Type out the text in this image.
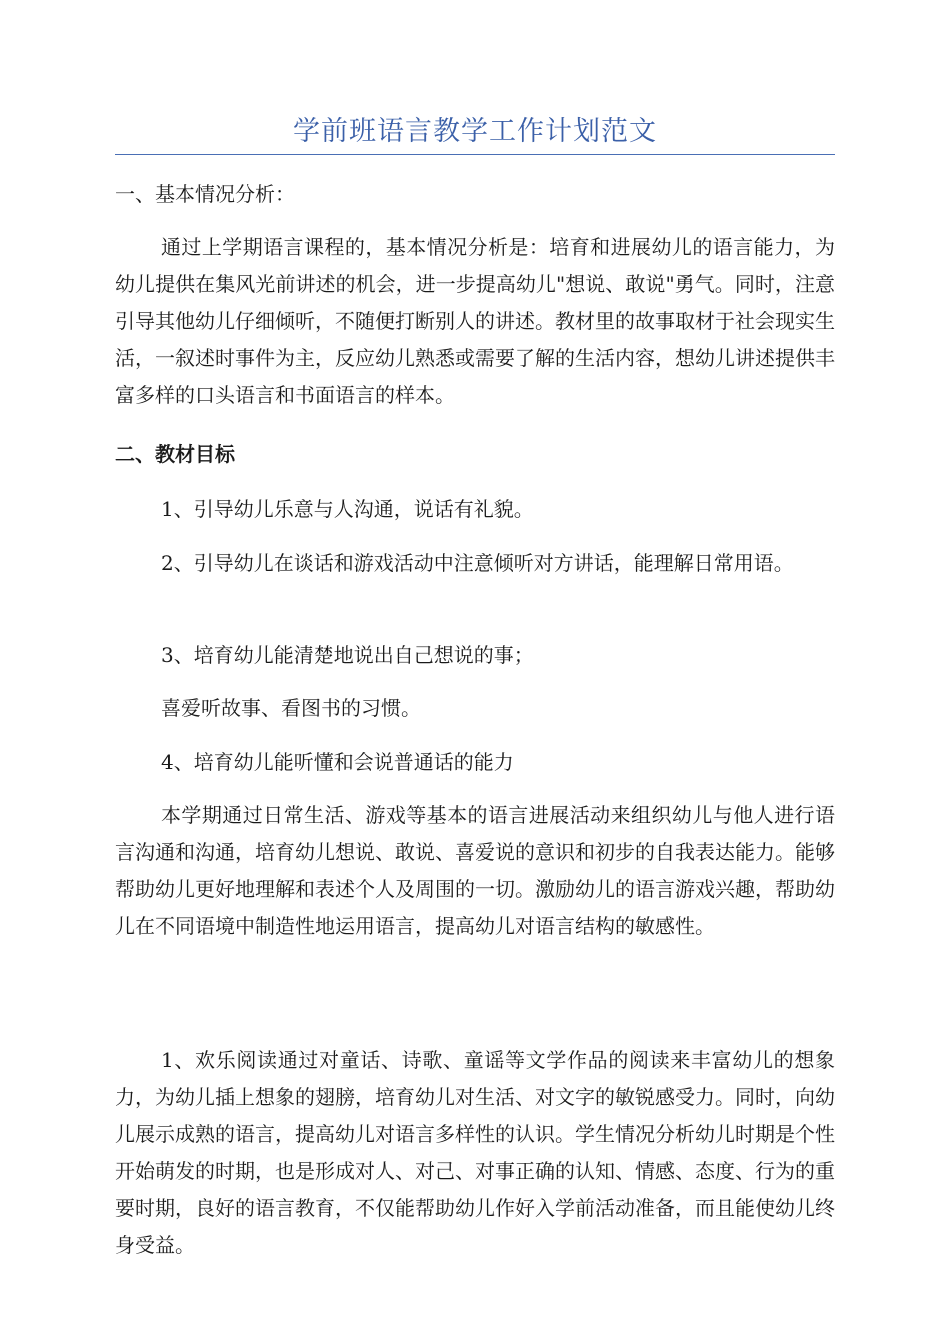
学前班语言教学工作计划范文

一、基本情况分析：

通过上学期语言课程的，基本情况分析是：培育和进展幼儿的语言能力，为幼儿提供在集风光前讲述的机会，进一步提高幼儿"想说、敢说"勇气。同时，注意引导其他幼儿仔细倾听，不随便打断别人的讲述。教材里的故事取材于社会现实生活，一叙述时事件为主，反应幼儿熟悉或需要了解的生活内容，想幼儿讲述提供丰富多样的口头语言和书面语言的样本。

二、教材目标

1、引导幼儿乐意与人沟通，说话有礼貌。

2、引导幼儿在谈话和游戏活动中注意倾听对方讲话，能理解日常用语。

3、培育幼儿能清楚地说出自己想说的事；

喜爱听故事、看图书的习惯。

4、培育幼儿能听懂和会说普通话的能力

本学期通过日常生活、游戏等基本的语言进展活动来组织幼儿与他人进行语言沟通和沟通，培育幼儿想说、敢说、喜爱说的意识和初步的自我表达能力。能够帮助幼儿更好地理解和表述个人及周围的一切。激励幼儿的语言游戏兴趣，帮助幼儿在不同语境中制造性地运用语言，提高幼儿对语言结构的敏感性。

1、欢乐阅读通过对童话、诗歌、童谣等文学作品的阅读来丰富幼儿的想象力，为幼儿插上想象的翅膀，培育幼儿对生活、对文字的敏锐感受力。同时，向幼儿展示成熟的语言，提高幼儿对语言多样性的认识。学生情况分析幼儿时期是个性开始萌发的时期，也是形成对人、对己、对事正确的认知、情感、态度、行为的重要时期，良好的语言教育，不仅能帮助幼儿作好入学前活动准备，而且能使幼儿终身受益。
